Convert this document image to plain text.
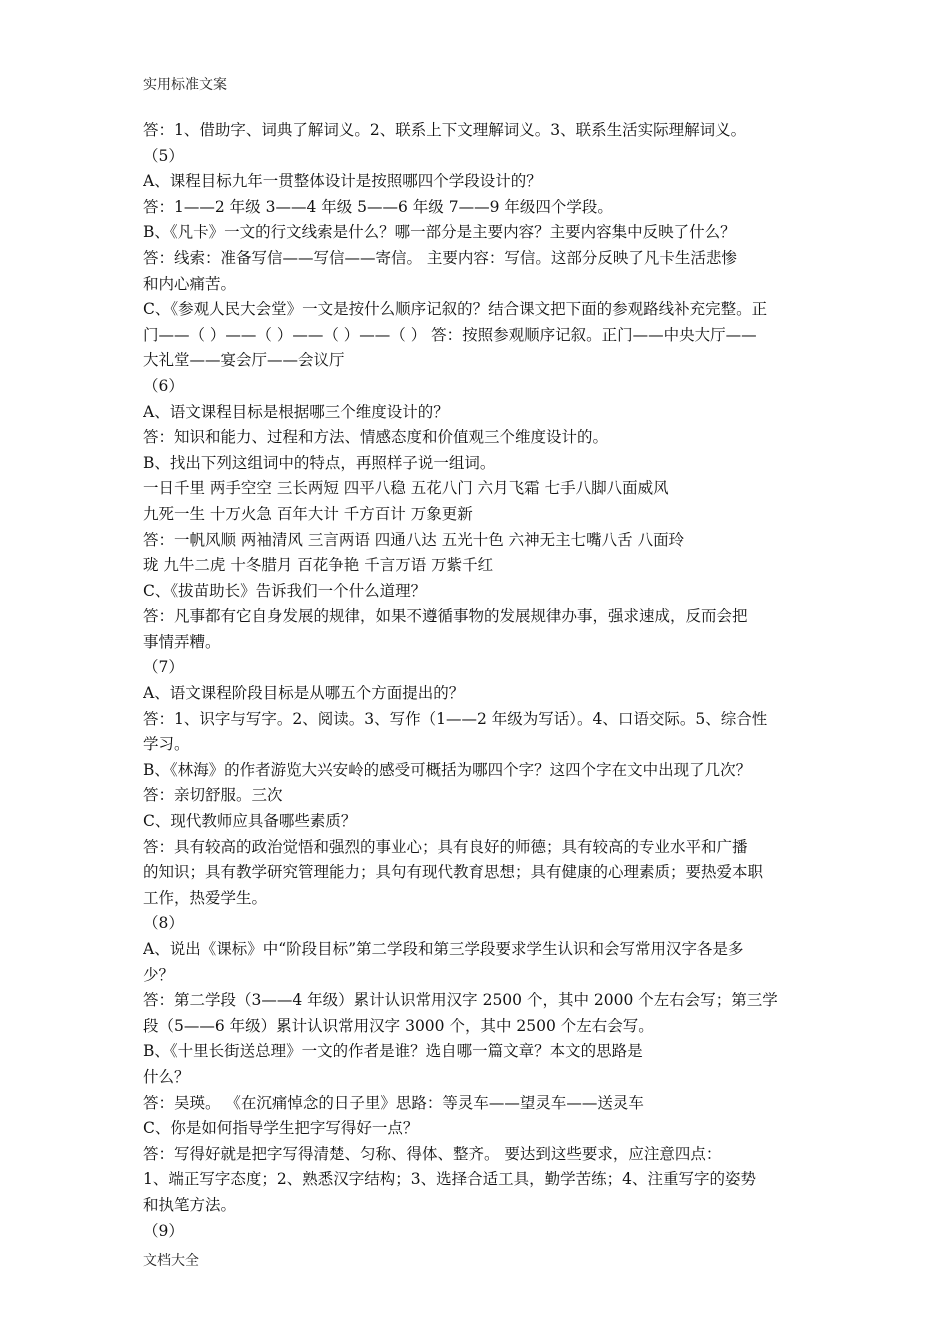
实用标准文案
答：1、借助字、词典了解词义。2、联系上下文理解词义。3、联系生活实际理解词义。
（5）
A、课程目标九年一贯整体设计是按照哪四个学段设计的？
答：1——2 年级 3——4 年级 5——6 年级 7——9 年级四个学段。
B、《凡卡》一文的行文线索是什么？哪一部分是主要内容？主要内容集中反映了什么？
答：线索：准备写信——写信——寄信。 主要内容：写信。这部分反映了凡卡生活悲惨
和内心痛苦。
C、《参观人民大会堂》一文是按什么顺序记叙的？结合课文把下面的参观路线补充完整。正
门——（ ）——（ ）——（ ）——（ ） 答：按照参观顺序记叙。正门——中央大厅——
大礼堂——宴会厅——会议厅
（6）
A、语文课程目标是根据哪三个维度设计的？
答：知识和能力、过程和方法、情感态度和价值观三个维度设计的。
B、找出下列这组词中的特点，再照样子说一组词。
一日千里 两手空空 三长两短 四平八稳 五花八门 六月飞霜 七手八脚八面威风
九死一生 十万火急 百年大计 千方百计 万象更新
答：一帆风顺 两袖清风 三言两语 四通八达 五光十色 六神无主七嘴八舌 八面玲
珑 九牛二虎 十冬腊月 百花争艳 千言万语 万紫千红
C、《拔苗助长》告诉我们一个什么道理？
答：凡事都有它自身发展的规律，如果不遵循事物的发展规律办事，强求速成，反而会把
事情弄糟。
（7）
A、语文课程阶段目标是从哪五个方面提出的？
答：1、识字与写字。2、阅读。3、写作（1——2 年级为写话）。4、口语交际。5、综合性
学习。
B、《林海》的作者游览大兴安岭的感受可概括为哪四个字？这四个字在文中出现了几次？
答：亲切舒服。三次
C、现代教师应具备哪些素质？
答：具有较高的政治觉悟和强烈的事业心；具有良好的师德；具有较高的专业水平和广播
的知识；具有教学研究管理能力；具句有现代教育思想；具有健康的心理素质；要热爱本职
工作，热爱学生。
（8）
A、说出《课标》中“阶段目标”第二学段和第三学段要求学生认识和会写常用汉字各是多
少？
答：第二学段（3——4 年级）累计认识常用汉字 2500 个，其中 2000 个左右会写；第三学
段（5——6 年级）累计认识常用汉字 3000 个，其中 2500 个左右会写。
B、《十里长街送总理》一文的作者是谁？选自哪一篇文章？本文的思路是
什么？
答：吴瑛。 《在沉痛悼念的日子里》思路：等灵车——望灵车——送灵车
C、你是如何指导学生把字写得好一点？
答：写得好就是把字写得清楚、匀称、得体、整齐。 要达到这些要求，应注意四点：
1、端正写字态度；2、熟悉汉字结构；3、选择合适工具，勤学苦练；4、注重写字的姿势
和执笔方法。
（9）
文档大全
